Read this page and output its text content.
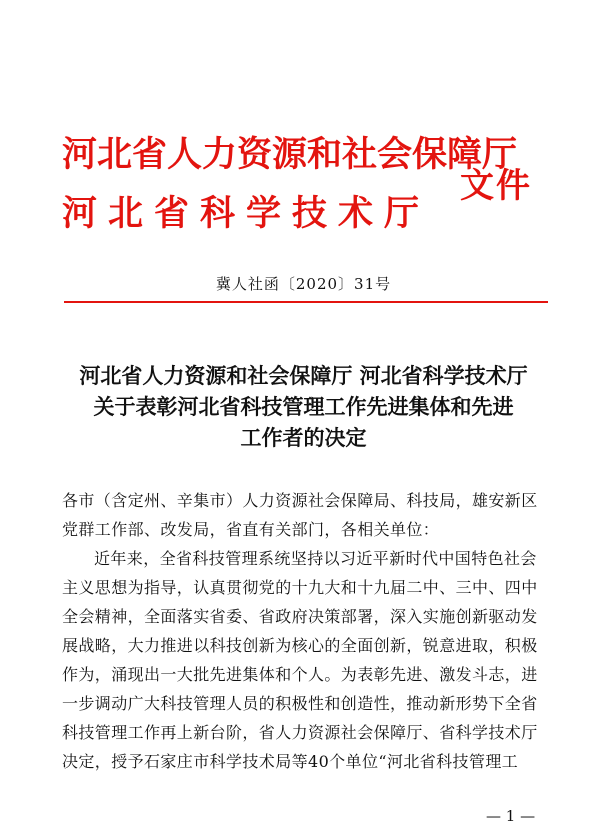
河北省人力资源和社会保障厅
河北省科学技术厅
文件
冀人社函〔2020〕31号
河北省人力资源和社会保障厅 河北省科学技术厅
关于表彰河北省科技管理工作先进集体和先进
工作者的决定

各市（含定州、辛集市）人力资源社会保障局、科技局，雄安新区党群工作部、改发局，省直有关部门，各相关单位：

近年来，全省科技管理系统坚持以习近平新时代中国特色社会主义思想为指导，认真贯彻党的十九大和十九届二中、三中、四中全会精神，全面落实省委、省政府决策部署，深入实施创新驱动发展战略，大力推进以科技创新为核心的全面创新，锐意进取，积极作为，涌现出一大批先进集体和个人。为表彰先进、激发斗志，进一步调动广大科技管理人员的积极性和创造性，推动新形势下全省科技管理工作再上新台阶，省人力资源社会保障厅、省科学技术厅决定，授予石家庄市科学技术局等40个单位“河北省科技管理工

— 1 —
